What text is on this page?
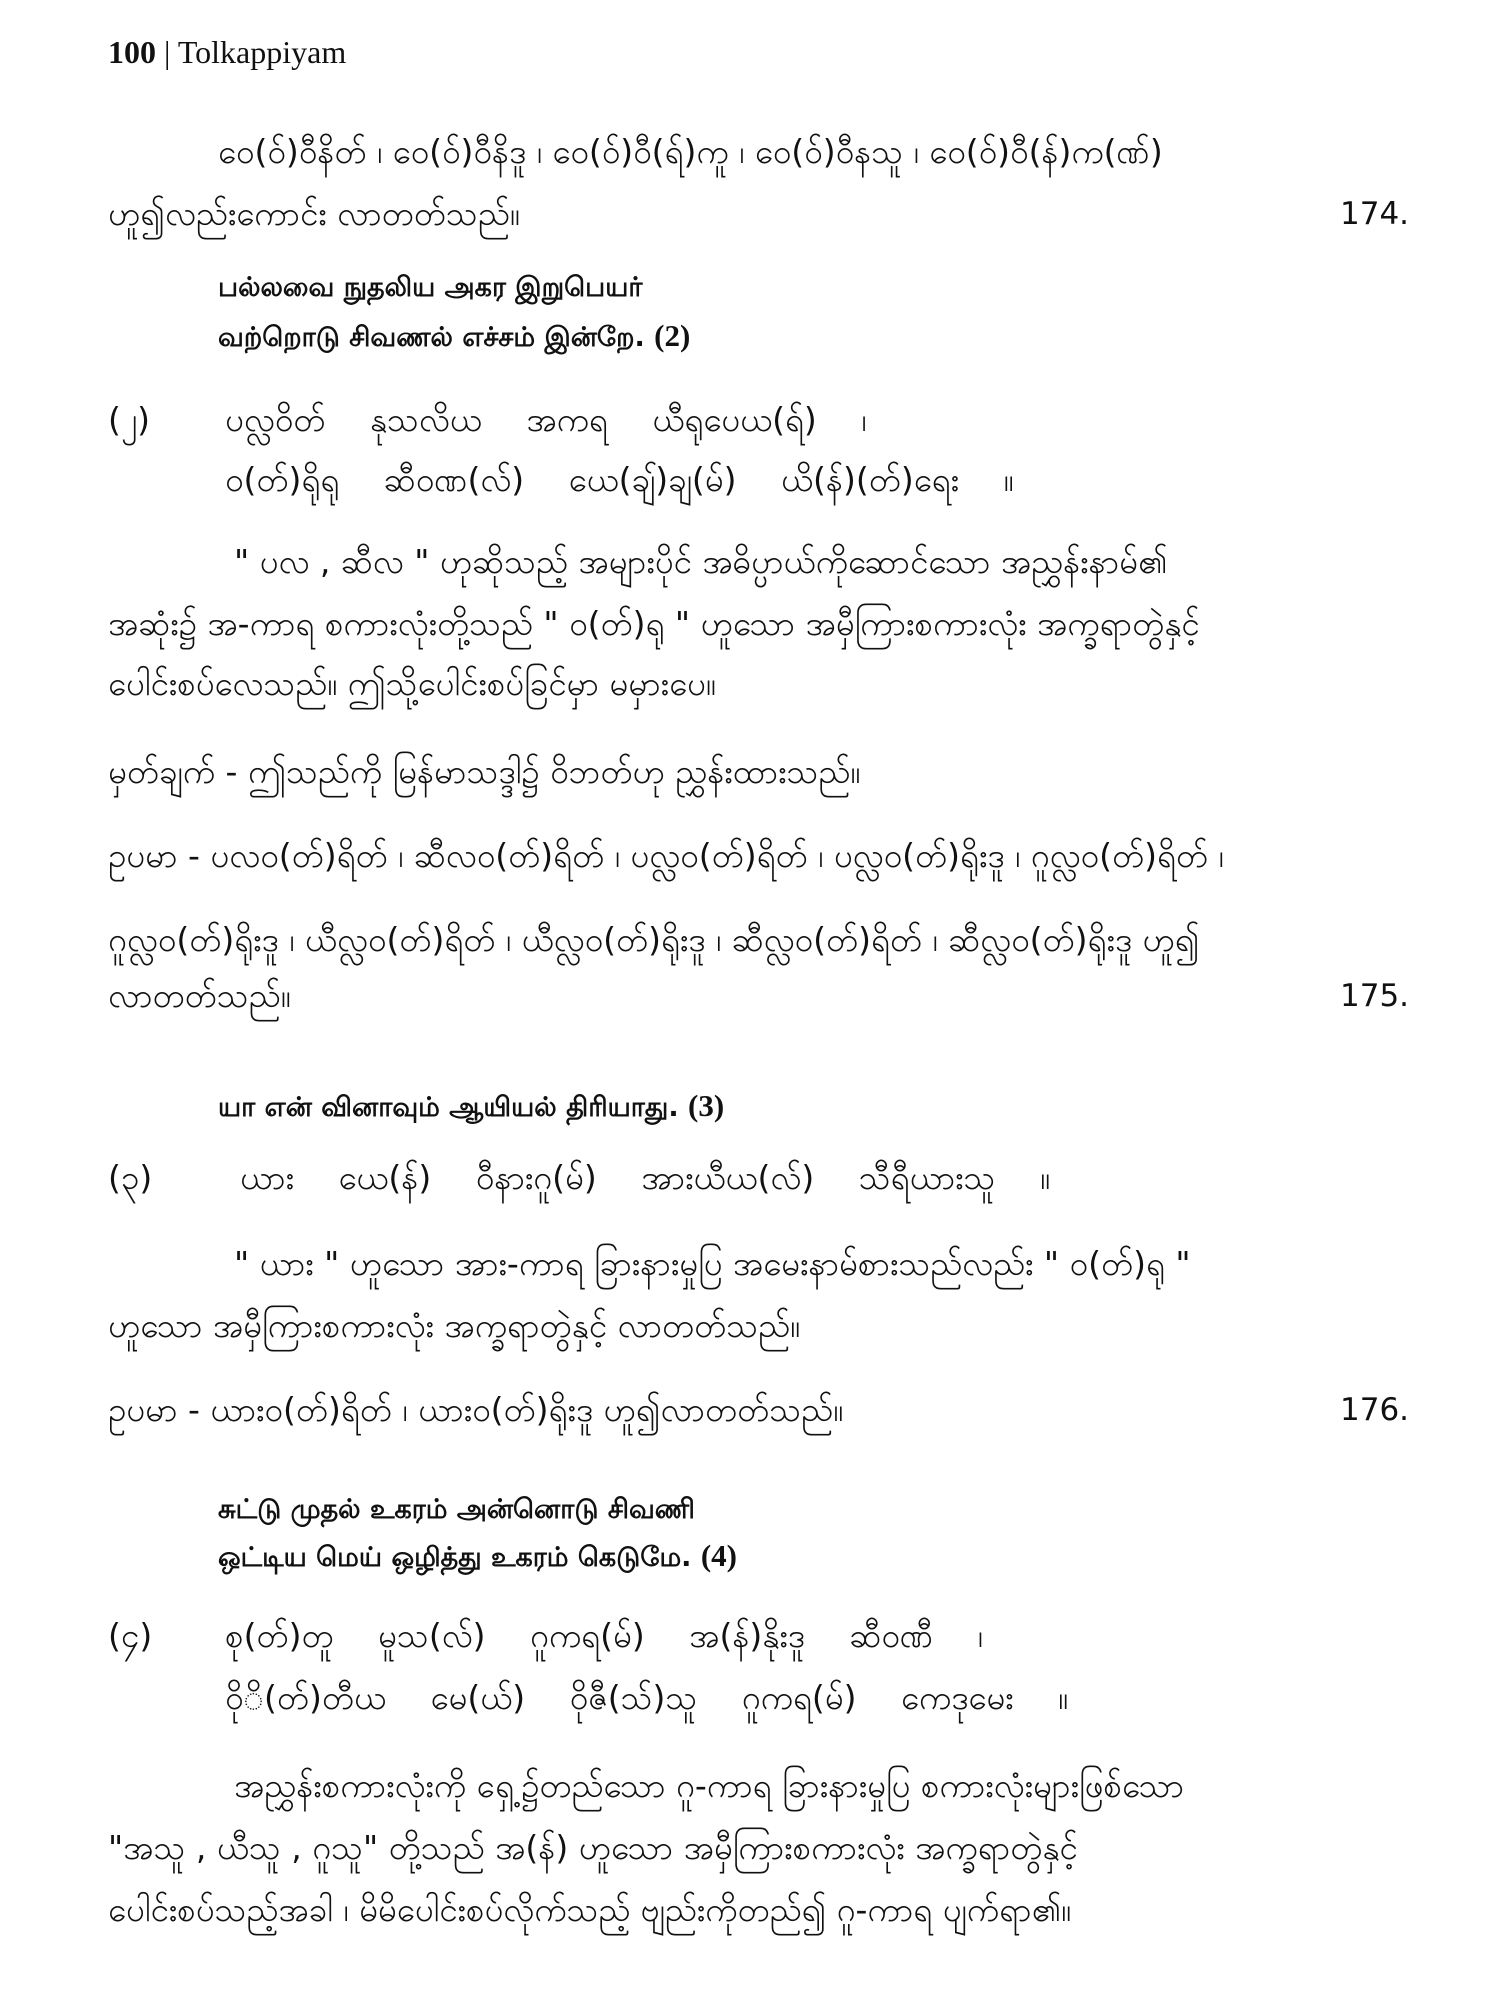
100 | Tolkappiyam
ဝေ(ဝ်)ဝီနိတ် ၊ ဝေ(ဝ်)ဝီနိဒူ ၊ ဝေ(ဝ်)ဝီ(ရ်)ကူ ၊ ဝေ(ဝ်)ဝီနသူ ၊ ဝေ(ဝ်)ဝီ(န်)က(ဏ်)
ဟူ၍လည်းကောင်း လာတတ်သည်။	174.
பல்லவை நுதலிய அகர இறுபெயர்
வற்றொடு சிவணல் எச்சம் இன்றே. (2)
(၂) ပလ္လဝိတ် နုသလိယ အကရ ယီရုပေယ(ရ်) ၊
ဝ(တ်)ရိုရု ဆီဝဏ(လ်) ယေ(ချ်)ချ(မ်) ယိ(န်)(တ်)ရေး ။
" ပလ , ဆီလ " ဟုဆိုသည့် အများပိုင် အဓိပ္ပာယ်ကိုဆောင်သော အညွှန်းနာမ်၏
အဆုံး၌ အ-ကာရ စကားလုံးတို့သည် " ဝ(တ်)ရု " ဟူသော အမှီကြားစကားလုံး အက္ခရာတွဲနှင့်
ပေါင်းစပ်လေသည်။ ဤသို့ပေါင်းစပ်ခြင်မှာ မမှားပေ။
မှတ်ချက် - ဤသည်ကို မြန်မာသဒ္ဒါ၌ ဝိဘတ်ဟု ညွှန်းထားသည်။
ဥပမာ - ပလဝ(တ်)ရိတ် ၊ ဆီလဝ(တ်)ရိတ် ၊ ပလ္လဝ(တ်)ရိတ် ၊ ပလ္လဝ(တ်)ရိုးဒူ ၊ ဂူလ္လဝ(တ်)ရိတ် ၊
ဂူလ္လဝ(တ်)ရိုးဒူ ၊ ယီလ္လဝ(တ်)ရိတ် ၊ ယီလ္လဝ(တ်)ရိုးဒူ ၊ ဆီလ္လဝ(တ်)ရိတ် ၊ ဆီလ္လဝ(တ်)ရိုးဒူ ဟူ၍
လာတတ်သည်။	175.
யா என் வினாவும் ஆயியல் திரியாது. (3)
(၃)	ယား ယေ(န်) ဝီနားဂူ(မ်) အားယီယ(လ်) သီရီယားသူ ။
" ယား " ဟူသော အား-ကာရ ခြားနားမှုပြ အမေးနာမ်စားသည်လည်း " ဝ(တ်)ရု "
ဟူသော အမှီကြားစကားလုံး အက္ခရာတွဲနှင့် လာတတ်သည်။
ဥပမာ - ယားဝ(တ်)ရိတ် ၊ ယားဝ(တ်)ရိုးဒူ ဟူ၍လာတတ်သည်။	176.
சுட்டு முதல் உகரம் அன்னொடு சிவணி
ஒட்டிய மெய் ஒழித்து உகரம் கெடுமே. (4)
(၄) စု(တ်)တူ မူသ(လ်) ဂူကရ(မ်) အ(န်)နိုးဒူ ဆီဝဏီ ၊
ဝိုိ(တ်)တီယ မေ(ယ်) ဝိုဇီ(သ်)သူ ဂူကရ(မ်) ကေဒုမေး ။
အညွှန်းစကားလုံးကို ရှေ့၌တည်သော ဂူ-ကာရ ခြားနားမှုပြ စကားလုံးများဖြစ်သော
"အသူ , ယီသူ , ဂူသူ" တို့သည် အ(န်) ဟူသော အမှီကြားစကားလုံး အက္ခရာတွဲနှင့်
ပေါင်းစပ်သည့်အခါ ၊ မိမိပေါင်းစပ်လိုက်သည့် ဗျည်းကိုတည်၍ ဂူ-ကာရ ပျက်ရာ၏။
